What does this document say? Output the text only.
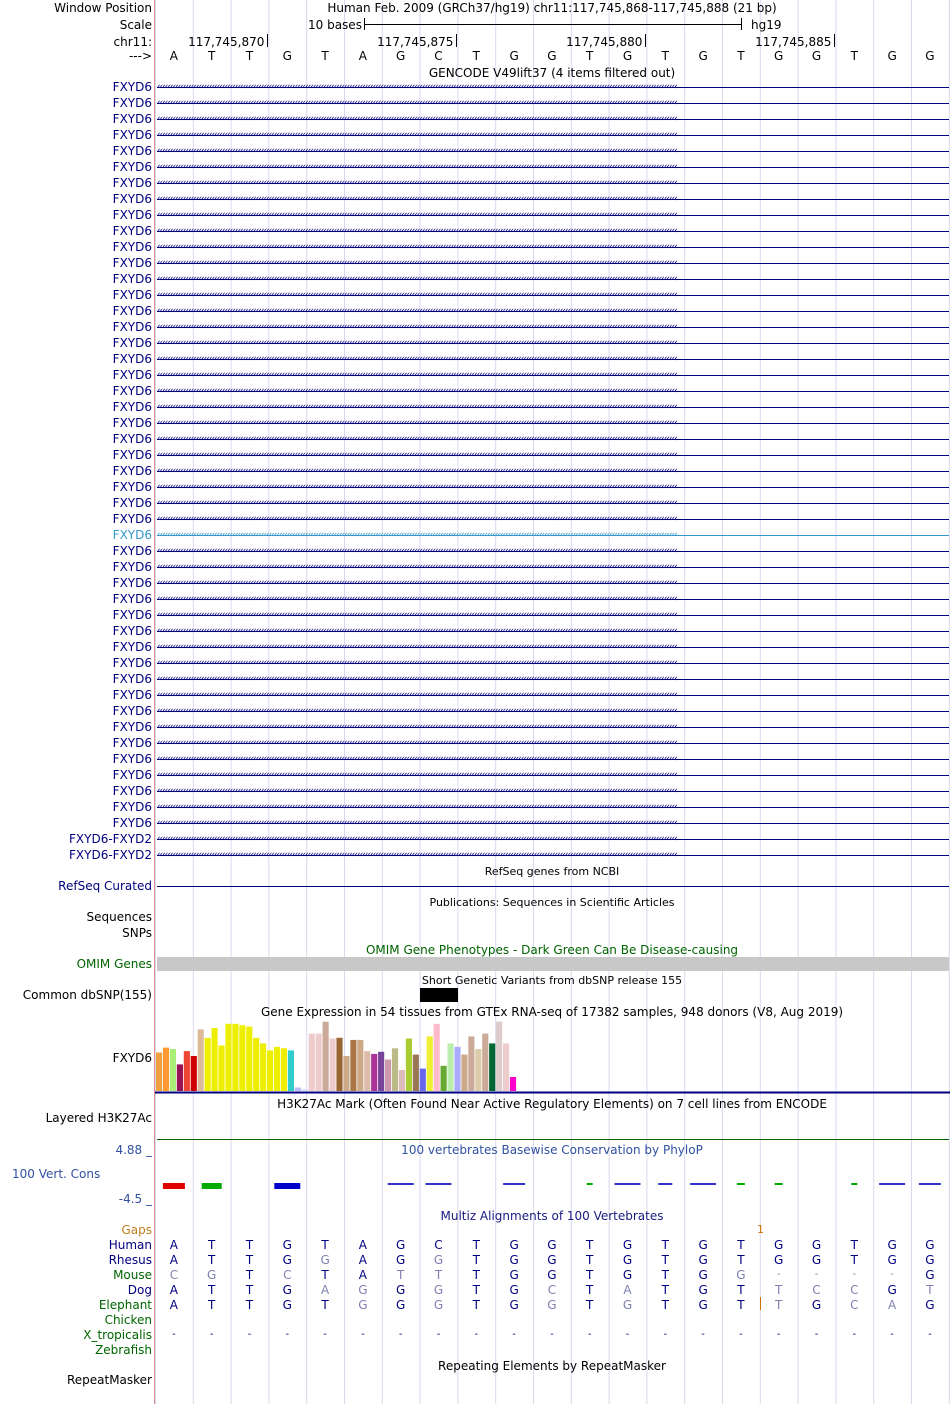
Window Position
Scale
chr11:
--->
Human Feb. 2009 (GRCh37/hg19) chr11:117,745,868-117,745,888 (21 bp)
10 bases	hg19
117,745,870	117,745,875	117,745,880	117,745,885
A	T	T G T	A G C T G G T G T G T G G T G G
GENCODE V49lift37 (4 items filtered out)
FXYD6
FXYD6
FXYD6
FXYD6
FXYD6
FXYD6
FXYD6
FXYD6
FXYD6
FXYD6
FXYD6
FXYD6
FXYD6
FXYD6
FXYD6
FXYD6
FXYD6
FXYD6
FXYD6
FXYD6
FXYD6
FXYD6
FXYD6
FXYD6
FXYD6
FXYD6
FXYD6
FXYD6
FXYD6
FXYD6
FXYD6
FXYD6
FXYD6
FXYD6
FXYD6
FXYD6
FXYD6
FXYD6
FXYD6
FXYD6
FXYD6
FXYD6
FXYD6
FXYD6
FXYD6
FXYD6
FXYD6
FXYD6-FXYD2
FXYD6-FXYD2
RefSeq genes from NCBI
RefSeq Curated
Publications: Sequences in Scientific Articles
Sequences
SNPs
OMIM Gene Phenotypes - Dark Green Can Be Disease-causing
OMIM Genes
Short Genetic Variants from dbSNP release 155
Common dbSNP(155)
Gene Expression in 54 tissues from GTEx RNA-seq of 17382 samples, 948 donors (V8, Aug 2019)
FXYD6
H3K27Ac Mark (Often Found Near Active Regulatory Elements) on 7 cell lines from ENCODE
Layered H3K27Ac
100 vertebrates Basewise Conservation by PhyloP
4.88 _
100 Vert. Cons
-4.5 _
Multiz Alignments of 100 Vertebrates
Gaps	1
Human A	T	T G T	A G C T G G T G T G T G G T G G
Rhesus A	T	T G G A G G T G G T G T G T G G T G G
Mouse C G T C T	A	T	T	T G G T G T G G	-	-	-	-	G
Dog A	T	T G A G G G T G C T	A	T G T	T C C G T
Elephant A	T	T G T G G G T G G T G T G T	T G C A G
Chicken
X_tropicalis -	-	-	-	-	-	-	-	-	-	-	-	-	-	-	-	-	-	-	-	-
Zebrafish
Repeating Elements by RepeatMasker
RepeatMasker
